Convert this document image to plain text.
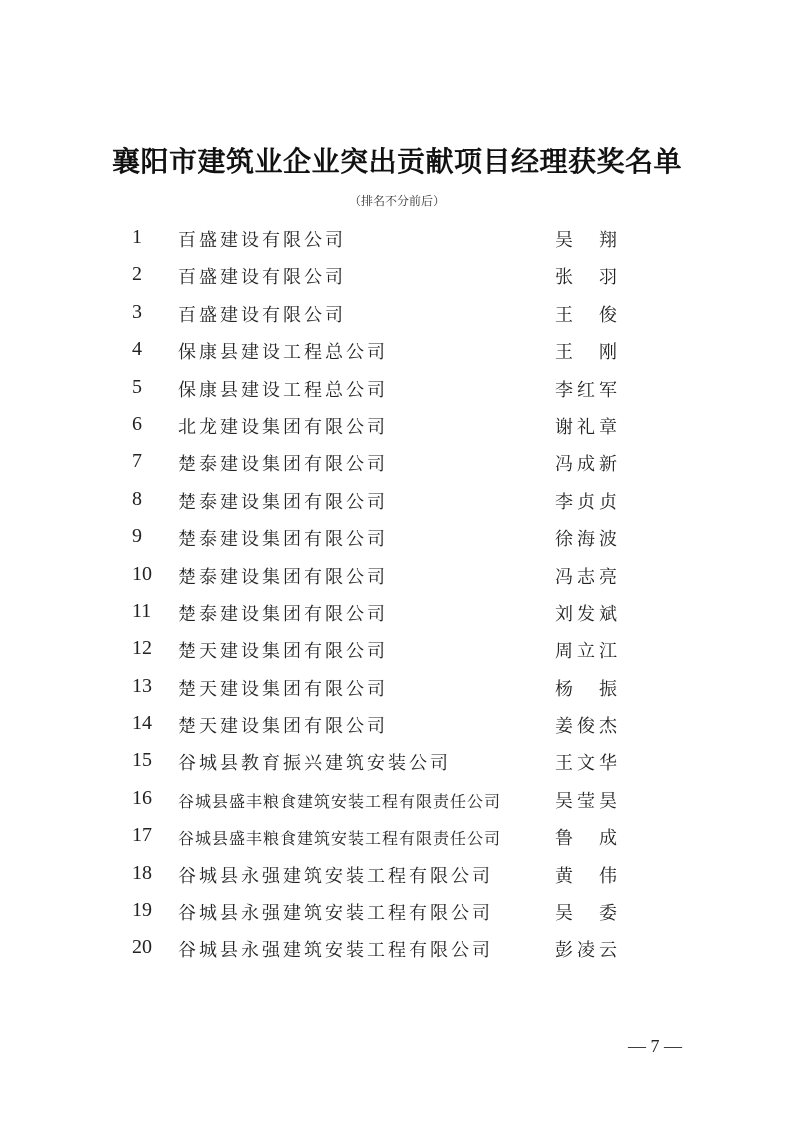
襄阳市建筑业企业突出贡献项目经理获奖名单
（排名不分前后）
1 百盛建设有限公司	吴 翔
2 百盛建设有限公司	张 羽
3 百盛建设有限公司	王 俊
4 保康县建设工程总公司	王 刚
5 保康县建设工程总公司	李红军
6 北龙建设集团有限公司	谢礼章
7 楚泰建设集团有限公司	冯成新
8 楚泰建设集团有限公司	李贞贞
9 楚泰建设集团有限公司	徐海波
10 楚泰建设集团有限公司	冯志亮
11 楚泰建设集团有限公司	刘发斌
12 楚天建设集团有限公司	周立江
13 楚天建设集团有限公司	杨 振
14 楚天建设集团有限公司	姜俊杰
15 谷城县教育振兴建筑安装公司	王文华
16 谷城县盛丰粮食建筑安装工程有限责任公司	吴莹昊
17 谷城县盛丰粮食建筑安装工程有限责任公司	鲁 成
18 谷城县永强建筑安装工程有限公司	黄 伟
19 谷城县永强建筑安装工程有限公司	吴 委
20 谷城县永强建筑安装工程有限公司	彭凌云
— 7 —
